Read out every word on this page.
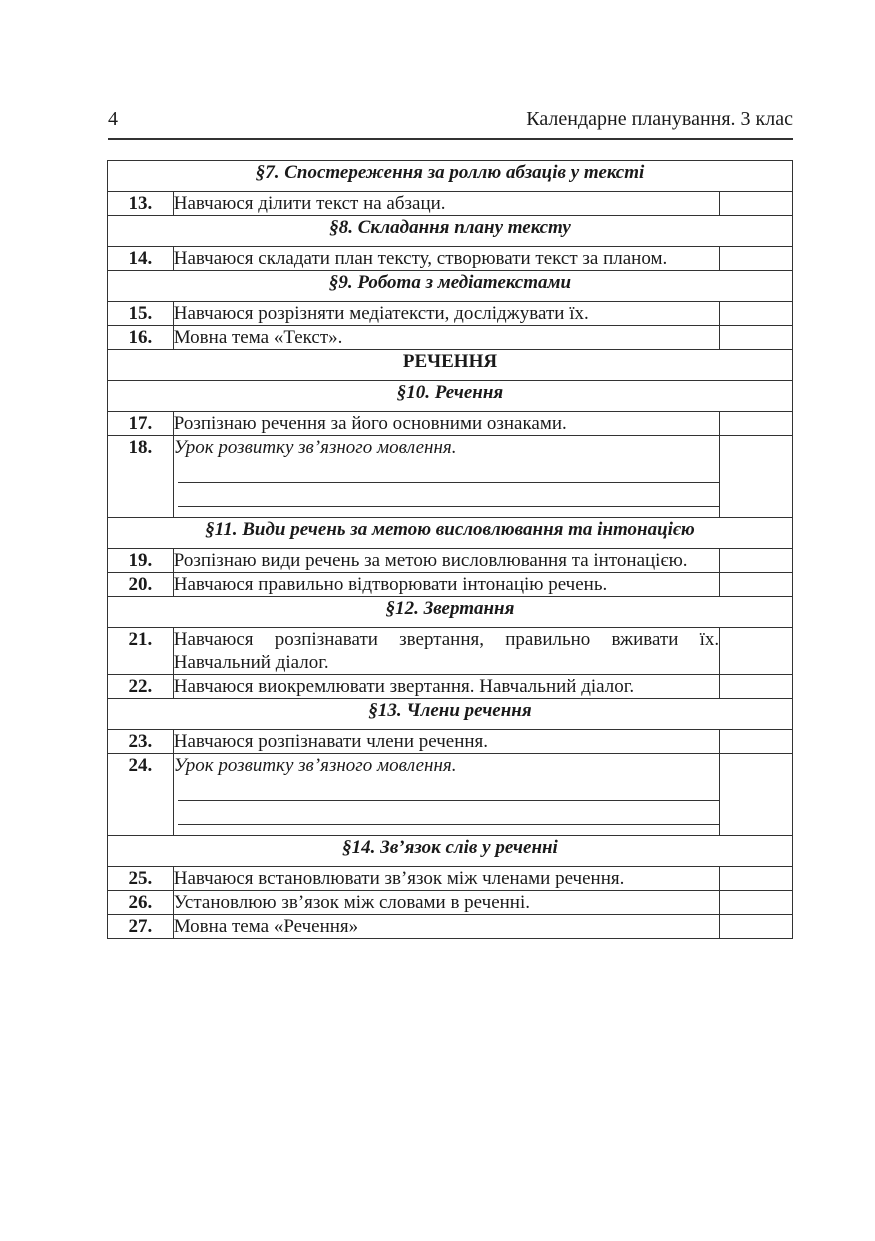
4	Календарне планування. 3 клас
§7. Спостереження за роллю абзаців у тексті		
13.	Навчаюся ділити текст на абзаци.	
§8. Складання плану тексту		
14.	Навчаюся складати план тексту, створювати текст за планом.	
§9. Робота з медіатекстами		
15.	Навчаюся розрізняти медіатексти, досліджувати їх.	
16.	Мовна тема «Текст».	
РЕЧЕННЯ		
§10. Речення		
17.	Розпізнаю речення за його основними ознаками.	
18.	Урок розвитку зв’язного мовлення.

§11. Види речень за метою висловлювання та інтонацією		
19.	Розпізнаю види речень за метою висловлювання та інтонацією.	
20.	Навчаюся правильно відтворювати інтонацію речень.	
§12. Звертання		
21.	Навчаюся розпізнавати звертання, правильно вживати їх. Навчальний діалог.	
22.	Навчаюся виокремлювати звертання. Навчальний діалог.	
§13. Члени речення		
23.	Навчаюся розпізнавати члени речення.	
24.	Урок розвитку зв’язного мовлення.

§14. Зв’язок слів у реченні		
25.	Навчаюся встановлювати зв’язок між членами речення.	
26.	Установлюю зв’язок між словами в реченні.	
27.	Мовна тема «Речення»	
